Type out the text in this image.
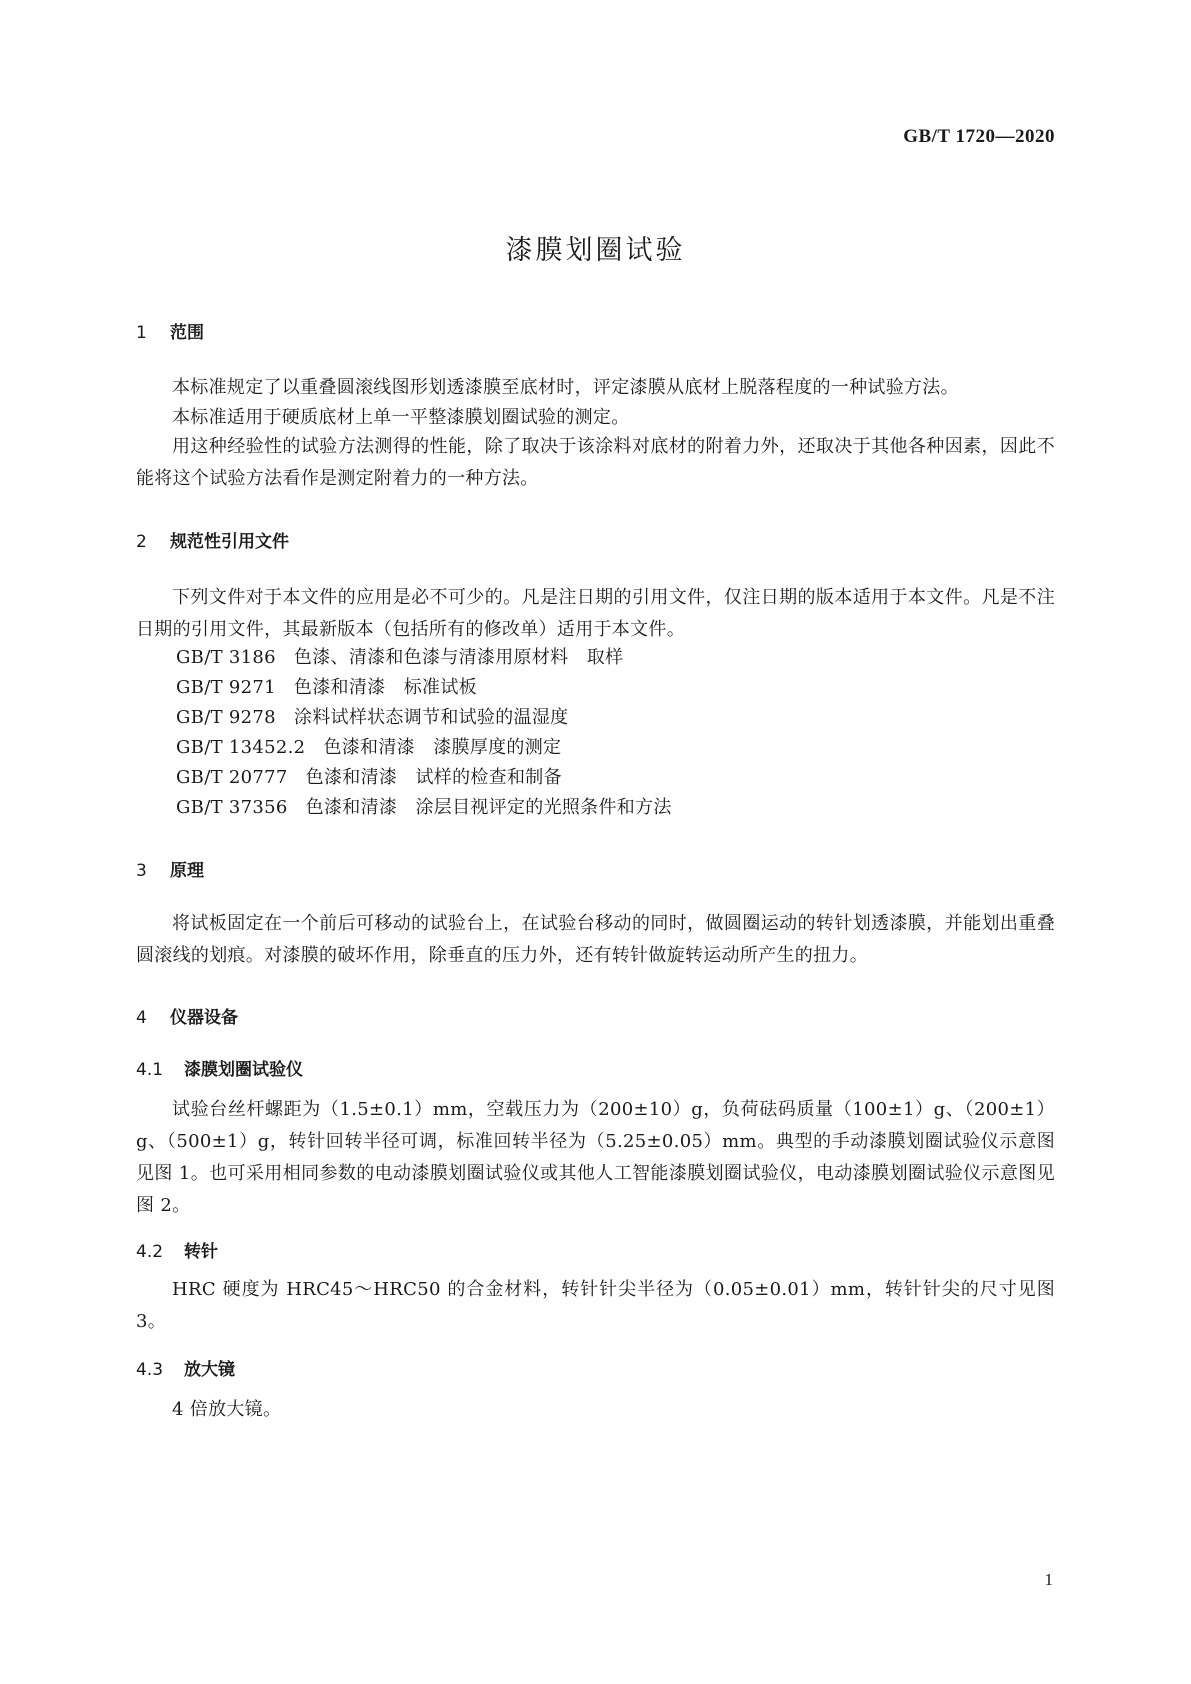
GB/T 1720—2020
漆膜划圈试验
1 范围
本标准规定了以重叠圆滚线图形划透漆膜至底材时，评定漆膜从底材上脱落程度的一种试验方法。
本标准适用于硬质底材上单一平整漆膜划圈试验的测定。
用这种经验性的试验方法测得的性能，除了取决于该涂料对底材的附着力外，还取决于其他各种因素，因此不能将这个试验方法看作是测定附着力的一种方法。
2 规范性引用文件
下列文件对于本文件的应用是必不可少的。凡是注日期的引用文件，仅注日期的版本适用于本文件。凡是不注日期的引用文件，其最新版本（包括所有的修改单）适用于本文件。
GB/T 3186 色漆、清漆和色漆与清漆用原材料　取样
GB/T 9271 色漆和清漆　标准试板
GB/T 9278 涂料试样状态调节和试验的温湿度
GB/T 13452.2 色漆和清漆　漆膜厚度的测定
GB/T 20777 色漆和清漆　试样的检查和制备
GB/T 37356 色漆和清漆　涂层目视评定的光照条件和方法
3 原理
将试板固定在一个前后可移动的试验台上，在试验台移动的同时，做圆圈运动的转针划透漆膜，并能划出重叠圆滚线的划痕。对漆膜的破坏作用，除垂直的压力外，还有转针做旋转运动所产生的扭力。
4 仪器设备
4.1 漆膜划圈试验仪
试验台丝杆螺距为（1.5±0.1）mm，空载压力为（200±10）g，负荷砝码质量（100±1）g、（200±1）g、（500±1）g，转针回转半径可调，标准回转半径为（5.25±0.05）mm。典型的手动漆膜划圈试验仪示意图见图 1。也可采用相同参数的电动漆膜划圈试验仪或其他人工智能漆膜划圈试验仪，电动漆膜划圈试验仪示意图见图 2。
4.2 转针
HRC 硬度为 HRC45～HRC50 的合金材料，转针针尖半径为（0.05±0.01）mm，转针针尖的尺寸见图 3。
4.3 放大镜
4 倍放大镜。
1
